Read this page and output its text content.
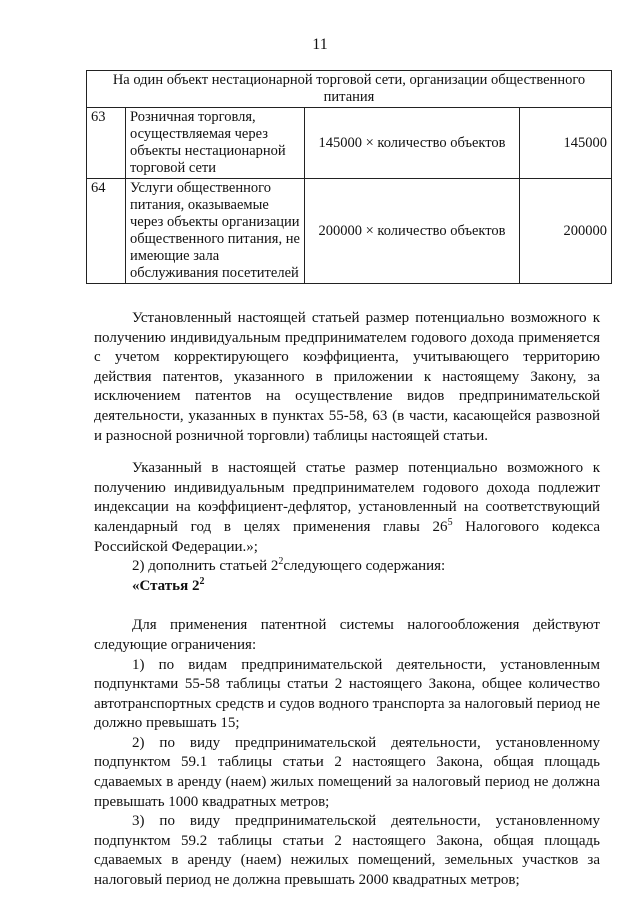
11
На один объект нестационарной торговой сети, организации общественного питания			
63	Розничная торговля, осуществляемая через объекты нестационарной торговой сети	145000 × количество объектов	145000
64	Услуги общественного питания, оказываемые через объекты организации общественного питания, не имеющие зала обслуживания посетителей	200000 × количество объектов	200000

Установленный настоящей статьей размер потенциально возможного к получению индивидуальным предпринимателем годового дохода применяется с учетом корректирующего коэффициента, учитывающего территорию действия патентов, указанного в приложении к настоящему Закону, за исключением патентов на осуществление видов предпринимательской деятельности, указанных в пунктах 55-58, 63 (в части, касающейся развозной и разносной розничной торговли) таблицы настоящей статьи.

Указанный в настоящей статье размер потенциально возможного к получению индивидуальным предпринимателем годового дохода подлежит индексации на коэффициент-дефлятор, установленный на соответствующий календарный год в целях применения главы $26^5$ Налогового кодекса Российской Федерации.»;

2) дополнить статьей $2^2следующего$ содержания:

«Статья $2^2$

Для применения патентной системы налогообложения действуют следующие ограничения:

1) по видам предпринимательской деятельности, установленным подпунктами 55-58 таблицы статьи 2 настоящего Закона, общее количество автотранспортных средств и судов водного транспорта за налоговый период не должно превышать 15;

2) по виду предпринимательской деятельности, установленному подпунктом 59.1 таблицы статьи 2 настоящего Закона, общая площадь сдаваемых в аренду (наем) жилых помещений за налоговый период не должна превышать 1000 квадратных метров;

3) по виду предпринимательской деятельности, установленному подпунктом 59.2 таблицы статьи 2 настоящего Закона, общая площадь сдаваемых в аренду (наем) нежилых помещений, земельных участков за налоговый период не должна превышать 2000 квадратных метров;
